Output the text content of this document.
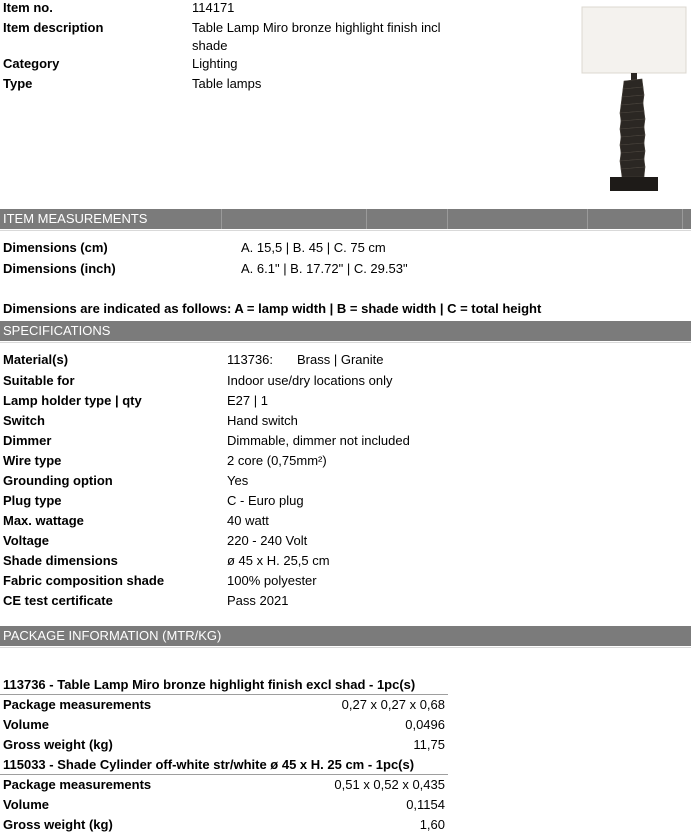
Item no.	114171
Item description	Table Lamp Miro bronze highlight finish incl
shade
Category	Lighting
Type	Table lamps
ITEM MEASUREMENTS
Dimensions (cm)	A. 15,5 | B. 45 | C. 75 cm
Dimensions (inch)	A. 6.1" | B. 17.72" | C. 29.53"
Dimensions are indicated as follows: A = lamp width | B = shade width | C = total height
SPECIFICATIONS
Material(s)	113736: Brass | Granite
Suitable for	Indoor use/dry locations only
Lamp holder type | qty	E27 | 1
Switch	Hand switch
Dimmer	Dimmable, dimmer not included
Wire type	2 core (0,75mm²)
Grounding option	Yes
Plug type	C - Euro plug
Max. wattage	40 watt
Voltage	220 - 240 Volt
Shade dimensions	ø 45 x H. 25,5 cm
Fabric composition shade	100% polyester
CE test certificate	Pass 2021
PACKAGE INFORMATION (MTR/KG)
113736 - Table Lamp Miro bronze highlight finish excl shad - 1pc(s)
Package measurements	0,27 x 0,27 x 0,68
Volume	0,0496
Gross weight (kg)	11,75
115033 - Shade Cylinder off-white str/white ø 45 x H. 25 cm - 1pc(s)
Package measurements	0,51 x 0,52 x 0,435
Volume	0,1154
Gross weight (kg)	1,60
